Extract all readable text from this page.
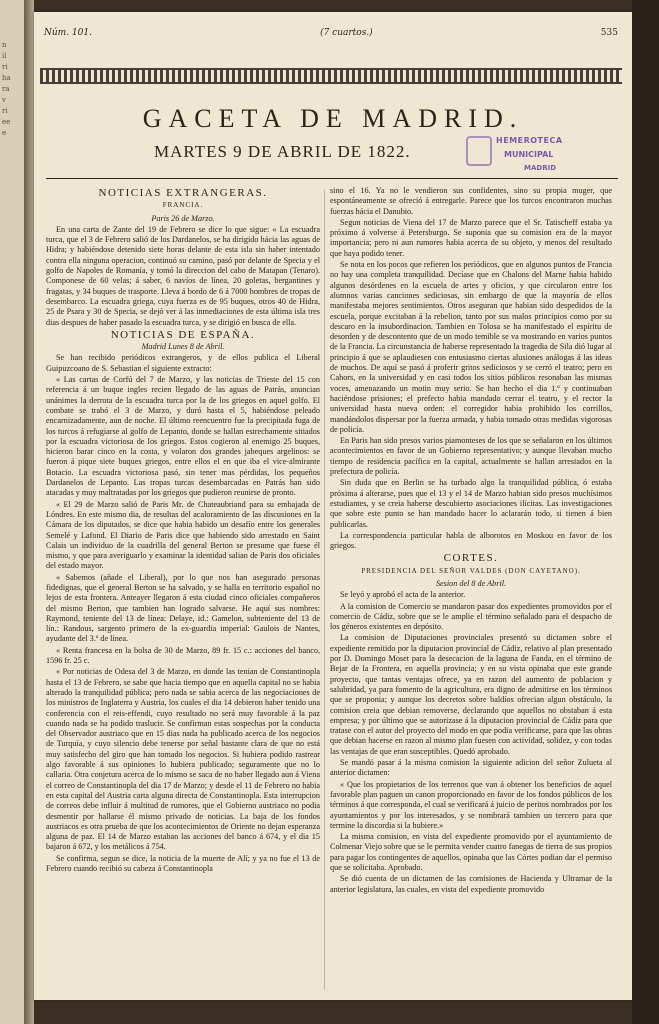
n
il
ri
ha
ra
v
ri
ee
e

Núm. 101.	(7 cuartos.)	535
GACETA DE MADRID.
MARTES 9 DE ABRIL DE 1822.
HEMEROTECA
MUNICIPAL
MADRID
NOTICIAS EXTRANGERAS.
FRANCIA.
Paris 26 de Marzo.

En una carta de Zante del 19 de Febrero se dice lo que sigue: « La escuadra turca, que el 3 de Febrero salió de los Dardanelos, se ha dirigido hácia las aguas de Hidra; y habiéndose detenido siete horas delante de esta isla sin haber intentado contra ella ninguna operacion, continuó su camino, pasó por delante de Specia y el golfo de Napoles de Romanía, y tomó la direccion del cabo de Matapan (Tenaro). Componese de 60 velas; á saber, 6 navíos de línea, 20 goletas, bergantines y fragatas, y 34 buques de trasporte. Lleva á bordo de 6 á 7000 hombres de tropas de desembarco. La escuadra griega, cuya fuerza es de 95 buques, otros 40 de Hidra, 25 de Psara y 30 de Specia, se dejó ver á las inmediaciones de esta última isla tres dias despues de haber pasado la escuadra turca, y se dirigió en busca de ella.

NOTICIAS DE ESPAÑA.
Madrid Lunes 8 de Abril.

Se han recibido periódicos extrangeros, y de ellos publica el Liberal Guipuzcoano de S. Sebastian el siguiente extracto:

« Las cartas de Corfú del 7 de Marzo, y las noticias de Trieste del 15 con referencia á un buque ingles recien llegado de las aguas de Patrás, anuncian unánimes la derrota de la escuadra turca por la de los griegos en aquel golfo. El combate se trabó el 3 de Marzo, y duró hasta el 5, habiéndose peleado encarnizadamente, aun de noche. El último reencuentro fue la precipitada fuga de los turcos á refugiarse al golfo de Lepanto, donde se hallan estrechamente sitiados por la escuadra victoriosa de los griegos. Estos cogieron al enemigo 25 buques, hicieron barar cinco en la costa, y volaron dos grandes jabeques argelinos: se fueron á pique siete buques griegos, entre ellos el en que iba el vice-almirante Botacio. La escuadra victoriosa pasó, sin tener mas pérdidas, los pequeños Dardanelos de Lepanto. Las tropas turcas desembarcadas en Patrás han sido atacadas y muy maltratadas por los griegos que pudieron reunirse de pronto.

« El 29 de Marzo salió de Paris Mr. de Chateaubriand para su embajada de Lóndres. En este mismo dia, de resultas del acaloramiento de las discusiones en la Cámara de los diputados, se dice que habia habido un desafío entre los generales Semelé y Lafond. El Diario de Paris dice que habiendo sido arrestado en Saint Calais un individuo de la cuadrilla del general Berton se presume que fuese él mismo, y que para averiguarlo y examinar la identidad salian de Paris dos oficiales del estado mayor.

« Sabemos (añade el Liberal), por lo que nos han asegurado personas fidedignas, que el general Berton se ha salvado, y se halla en territorio español no lejos de esta frontera. Anteayer llegaron á esta ciudad cinco oficiales compañeros del mismo Berton, que tambien han logrado salvarse. He aquí sus nombres: Raymond, teniente del 13 de línea: Delaye, id.: Gamelon, subteniente del 13 de lín.: Randous, sargento primero de la ex-guardia imperial: Gaulois de Nantes, ayudante del 3.º de línea.

« Renta francesa en la bolsa de 30 de Marzo, 89 fr. 15 c.: acciones del banco, 1596 fr. 25 c.

« Por noticias de Odesa del 3 de Marzo, en donde las tenian de Constantinopla hasta el 13 de Febrero, se sabe que hacia tiempo que en aquella capital no se habia alterado la tranquilidad pública; pero nada se sabia acerca de las negociaciones de los ministros de Inglaterra y Austria, los cuales el dia 14 debieron haber tenido una conferencia con el reis-effendi, cuyo resultado no será muy favorable á la paz cuando nada se ha podido traslucir. Se confirman estas sospechas por la conducta del Observador austriaco que en 15 dias nada ha publicado acerca de los negocios de Turquía, y cuyo silencio debe tenerse por señal bastante clara de que no está muy satisfecho del giro que han tomado los negocios. Si hubiera podido rastrear algo favorable á sus opiniones lo hubiera publicado; seguramente que no lo callaria. Otra conjetura acerca de lo mismo se saca de no haber llegado aun á Viena el correo de Constantinopla del dia 17 de Marzo; y desde el 11 de Febrero no habia en esta capital del Austria carta alguna directa de Constantinopla. Esta interrupcion de correos debe influir á multitud de rumores, que el Gobierno austriaco no podia desmentir por hallarse él mismo privado de noticias. La baja de los fondos austriacos es otra prueba de que los acontecimientos de Oriente no dejan esperanza alguna de paz. El 14 de Marzo estaban las acciones del banco á 674, y el dia 15 bajaron á 672, y los metálicos á 754.

Se confirma, segun se dice, la noticia de la muerte de Alí; y ya no fue el 13 de Febrero cuando recibió su cabeza á Constantinopla

sino el 16. Ya no le vendieron sus confidentes, sino su propia muger, que espontáneamente se ofreció á entregarle. Parece que los turcos encontraron muchas fuerzas hácia el Danubio.

Segun noticias de Viena del 17 de Marzo parece que el Sr. Tatischeff estaba ya próximo á volverse á Petersburgo. Se suponia que su comision era de la mayor importancia; pero ni aun rumores habia acerca de su objeto, y menos del resultado que haya podido tener.

Se nota en los pocos que refieren los periódicos, que en algunos puntos de Francia no hay una completa tranquilidad. Decíase que en Chalons del Marne habia habido algunos desórdenes en la escuela de artes y oficios, y que circularon entre los alumnos varias canciones sediciosas, sin embargo de que la mayoría de ellos manifestaba mejores sentimientos. Otros aseguran que habian sido despedidos de la escuela, porque excitaban á la rebelion, tanto por sus malos principios como por su descaro en la insubordinacion. Tambien en Tolosa se ha manifestado el espíritu de desorden y de descontento que de un modo temible se va mostrando en varios puntos de la Francia. La circunstancia de haberse representado la tragedia de Sila dió lugar al principio á que se aplaudiesen con entusiasmo ciertas alusiones análogas á las ideas de muchos. De aquí se pasó á proferir gritos sediciosos y se cerró el teatro; pero en Cahors, en la universidad y en casi todos los sitios públicos resonaban las mismas voces, amenazando un motin muy serio. Se han hecho el dia 1.º y continuaban haciéndose prisiones; el prefecto habia mandado cerrar el teatro, y el rector la universidad hasta nueva orden: el corregidor habia prohibido los corrillos, mandándolos dispersar por la fuerza armada, y habia tomado otras medidas vigorosas de policía.

En Paris han sido presos varios piamonteses de los que se señalaron en los últimos acontecimientos en favor de un Gobierno representativo; y aunque llevaban mucho tiempo de residencia pacífica en la capital, actualmente se hallan arrestados en la prefectura de policía.

Sin duda que en Berlin se ha turbado algo la tranquilidad pública, ó estaba próxima á alterarse, pues que el 13 y el 14 de Marzo habian sido presos muchísimos estudiantes, y se creia haberse descubierto asociaciones ilícitas. Las investigaciones que sobre este punto se han mandado hacer lo aclararán todo, si tienen á bien publicarlas.

La correspondencia particular habla de alborotos en Moskou en favor de los griegos.

CORTES.
PRESIDENCIA DEL SEÑOR VALDES (DON CAYETANO).
Sesion del 8 de Abril.

Se leyó y aprobó el acta de la anterior.

A la comision de Comercio se mandaron pasar dos expedientes promovidos por el comercio de Cádiz, sobre que se le amplie el término señalado para el despacho de los géneros existentes en depósito.

La comision de Diputaciones provinciales presentó su dictamen sobre el expediente remitido por la diputacion provincial de Cádiz, relativo al plan presentado por D. Domingo Moset para la desecacion de la laguna de Fanda, en el término de Bejar de la Frontera, en aquella provincia; y en su vista opinaba que este grande proyecto, que tantas ventajas ofrece, ya en razon del aumento de poblacion y salubridad, ya para fomento de la agricultura, era digno de admitirse en los términos que se proponia; y aunque los decretos sobre baldíos ofrecian algun obstáculo, la comision creia que debian removerse, declarando que aquellos no obstaban á esta empresa; y por último que se autorizase á la diputacion provincial de Cádiz para que tratase con el autor del proyecto del modo en que podia verificarse, para que las obras que debian hacerse en razon al mismo plan fuesen con actividad, solidez, y con todas las ventajas de que eran susceptibles. Quedó aprobado.

Se mandó pasar á la misma comision la siguiente adicion del señor Zulueta al anterior dictamen:

« Que los propietarios de los terrenos que van á obtener los beneficios de aquel favorable plan paguen un canon proporcionado en favor de los fondos públicos de los términos á que corresponda, el cual se verificará á juicio de peritos nombrados por los ayuntamientos y por los interesados, y se nombrará tambien un tercero para que termine la discordia si la hubiere.»

La misma comision, en vista del expediente promovido por el ayuntamiento de Colmenar Viejo sobre que se le permita vender cuatro fanegas de tierra de sus propios para pagar los contingentes de aquellos, opinaba que las Córtes podian dar el permiso que se solicitaba. Aprobado.

Se dió cuenta de un dictamen de las comisiones de Hacienda y Ultramar de la anterior legislatura, las cuales, en vista del expediente promovido
